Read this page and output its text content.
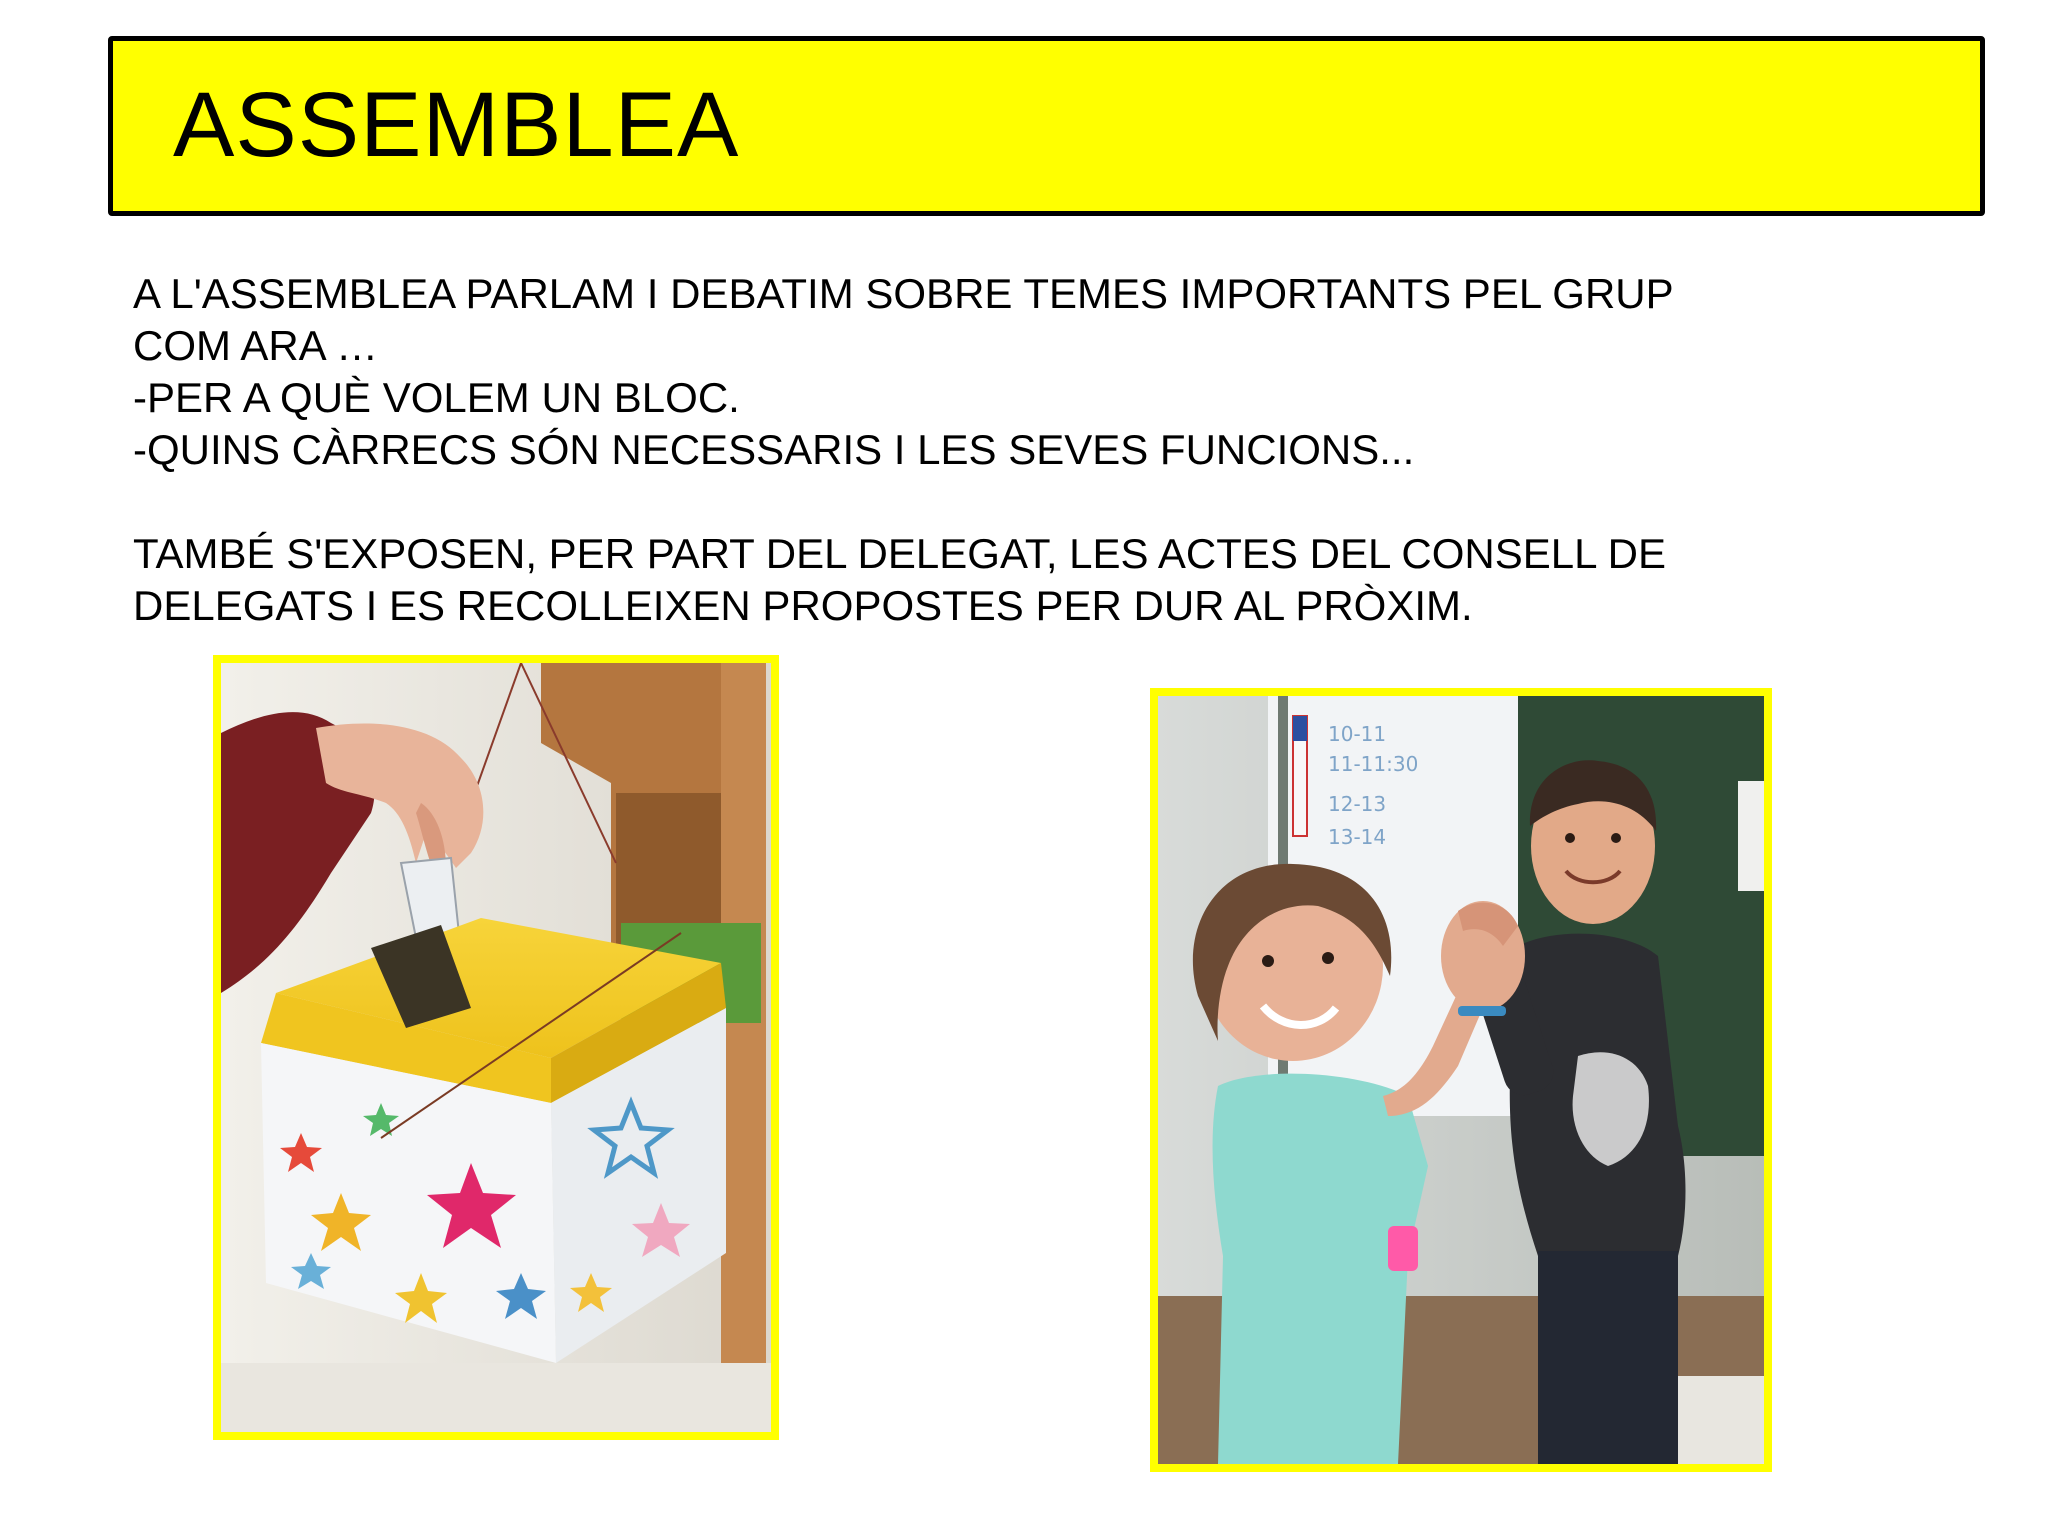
ASSEMBLEA
A L'ASSEMBLEA PARLAM I DEBATIM SOBRE TEMES IMPORTANTS PEL GRUP
COM ARA …
-PER A QUÈ VOLEM UN BLOC.
-QUINS CÀRRECS SÓN NECESSARIS I LES SEVES FUNCIONS...
TAMBÉ S'EXPOSEN, PER PART DEL DELEGAT, LES ACTES DEL CONSELL DE
DELEGATS I ES RECOLLEIXEN PROPOSTES PER DUR AL PRÒXIM.
10-11
11-11:30
12-13
13-14
